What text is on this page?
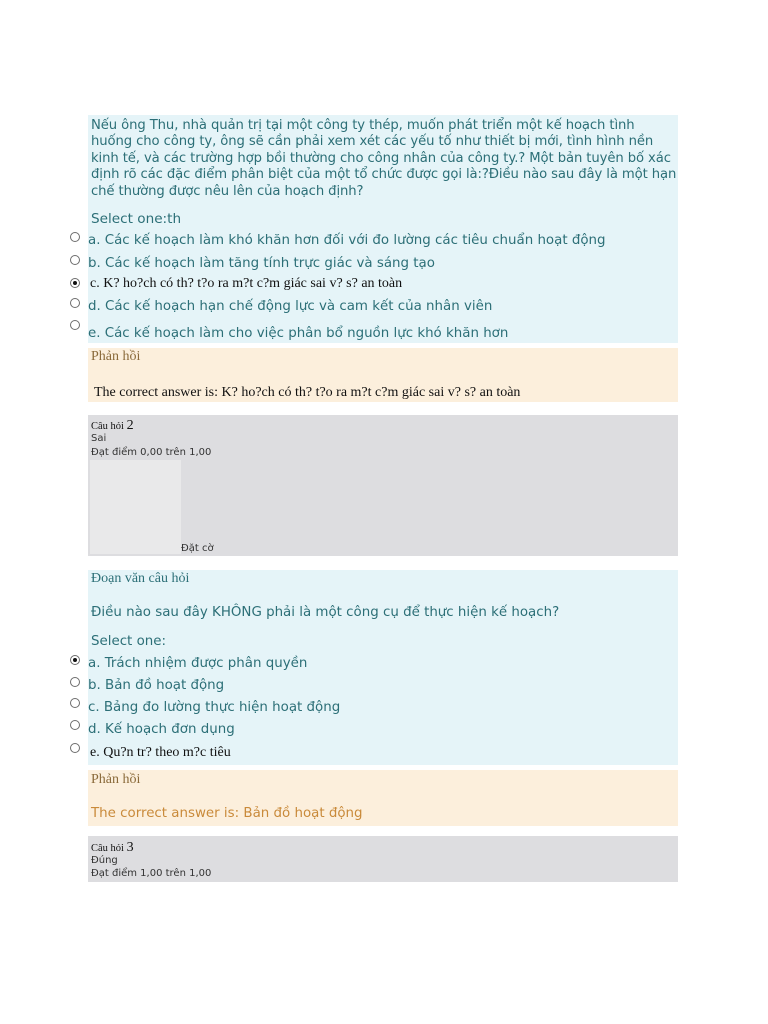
Nếu ông Thu, nhà quản trị tại một công ty thép, muốn phát triển một kế hoạch tình huống cho công ty, ông sẽ cần phải xem xét các yếu tố như thiết bị mới, tình hình nền kinh tế, và các trường hợp bồi thường cho công nhân của công ty.? Một bản tuyên bố xác định rõ các đặc điểm phân biệt của một tổ chức được gọi là:?Điều nào sau đây là một hạn chế thường được nêu lên của hoạch định?
Select one:th
a. Các kế hoạch làm khó khăn hơn đối với đo lường các tiêu chuẩn hoạt động
b. Các kế hoạch làm tăng tính trực giác và sáng tạo
c. K? ho?ch có th? t?o ra m?t c?m giác sai v? s? an toàn
d. Các kế hoạch hạn chế động lực và cam kết của nhân viên
e. Các kế hoạch làm cho việc phân bổ nguồn lực khó khăn hơn
Phản hồi
The correct answer is: K? ho?ch có th? t?o ra m?t c?m giác sai v? s? an toàn
Câu hỏi 2
Sai
Đạt điểm 0,00 trên 1,00
Đặt cờ
Đoạn văn câu hỏi
Điều nào sau đây KHÔNG phải là một công cụ để thực hiện kế hoạch?
Select one:
a. Trách nhiệm được phân quyền
b. Bản đồ hoạt động
c. Bảng đo lường thực hiện hoạt động
d. Kế hoạch đơn dụng
e. Qu?n tr? theo m?c tiêu
Phản hồi
The correct answer is: Bản đồ hoạt động
Câu hỏi 3
Đúng
Đạt điểm 1,00 trên 1,00
